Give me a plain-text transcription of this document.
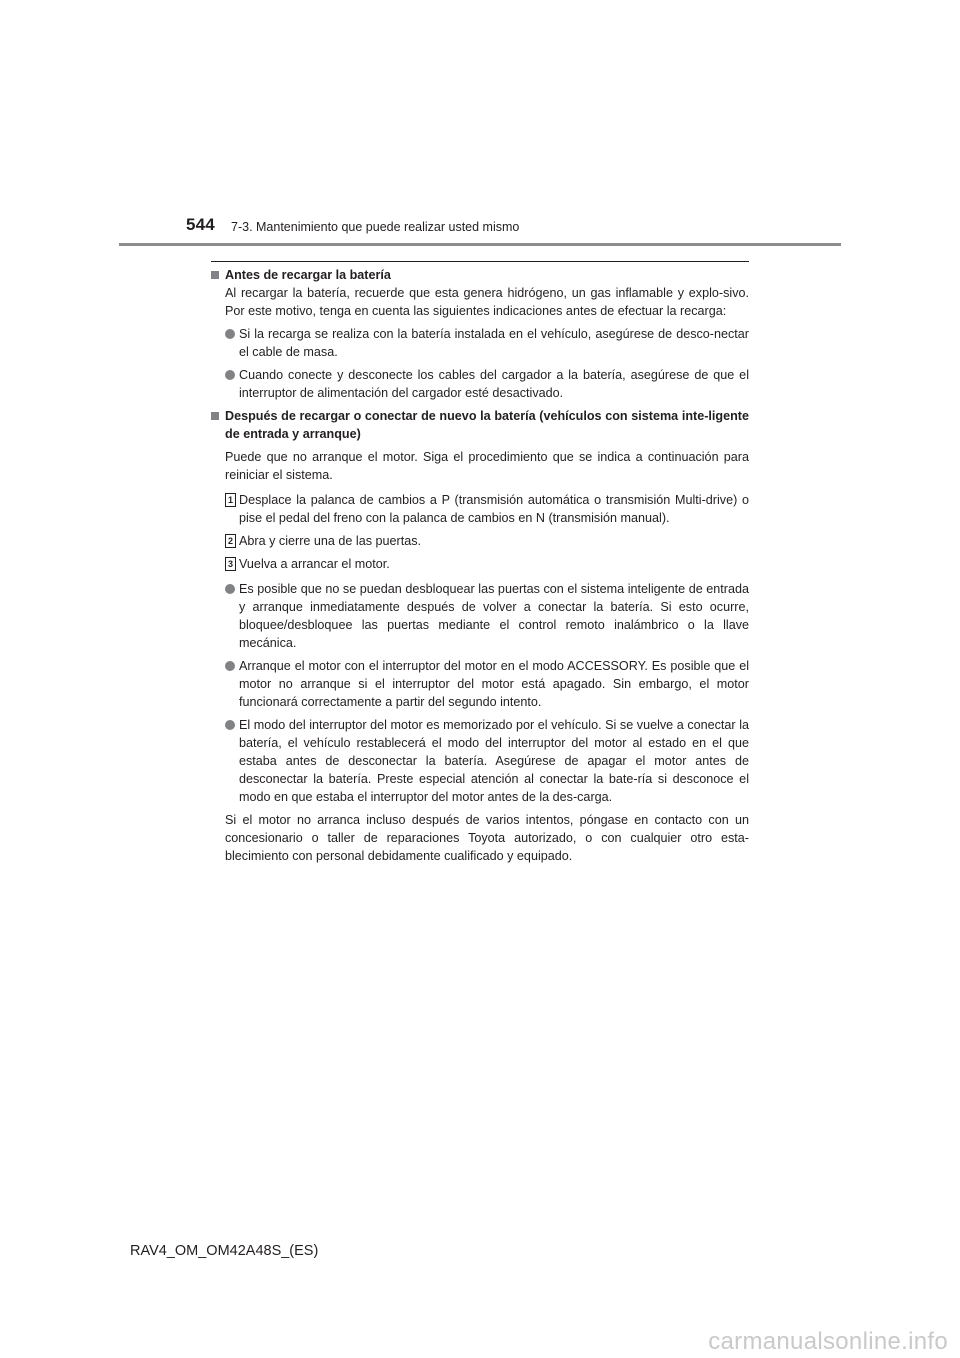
544 7-3. Mantenimiento que puede realizar usted mismo
Antes de recargar la batería
Al recargar la batería, recuerde que esta genera hidrógeno, un gas inflamable y explo-sivo. Por este motivo, tenga en cuenta las siguientes indicaciones antes de efectuar la recarga:
Si la recarga se realiza con la batería instalada en el vehículo, asegúrese de desco-nectar el cable de masa.
Cuando conecte y desconecte los cables del cargador a la batería, asegúrese de que el interruptor de alimentación del cargador esté desactivado.
Después de recargar o conectar de nuevo la batería (vehículos con sistema inte-ligente de entrada y arranque)
Puede que no arranque el motor. Siga el procedimiento que se indica a continuación para reiniciar el sistema.
1 Desplace la palanca de cambios a P (transmisión automática o transmisión Multi-drive) o pise el pedal del freno con la palanca de cambios en N (transmisión manual).
2 Abra y cierre una de las puertas.
3 Vuelva a arrancar el motor.
Es posible que no se puedan desbloquear las puertas con el sistema inteligente de entrada y arranque inmediatamente después de volver a conectar la batería. Si esto ocurre, bloquee/desbloquee las puertas mediante el control remoto inalámbrico o la llave mecánica.
Arranque el motor con el interruptor del motor en el modo ACCESSORY. Es posible que el motor no arranque si el interruptor del motor está apagado. Sin embargo, el motor funcionará correctamente a partir del segundo intento.
El modo del interruptor del motor es memorizado por el vehículo. Si se vuelve a conectar la batería, el vehículo restablecerá el modo del interruptor del motor al estado en el que estaba antes de desconectar la batería. Asegúrese de apagar el motor antes de desconectar la batería. Preste especial atención al conectar la bate-ría si desconoce el modo en que estaba el interruptor del motor antes de la des-carga.
Si el motor no arranca incluso después de varios intentos, póngase en contacto con un concesionario o taller de reparaciones Toyota autorizado, o con cualquier otro esta-blecimiento con personal debidamente cualificado y equipado.
RAV4_OM_OM42A48S_(ES)
carmanualsonline.info
